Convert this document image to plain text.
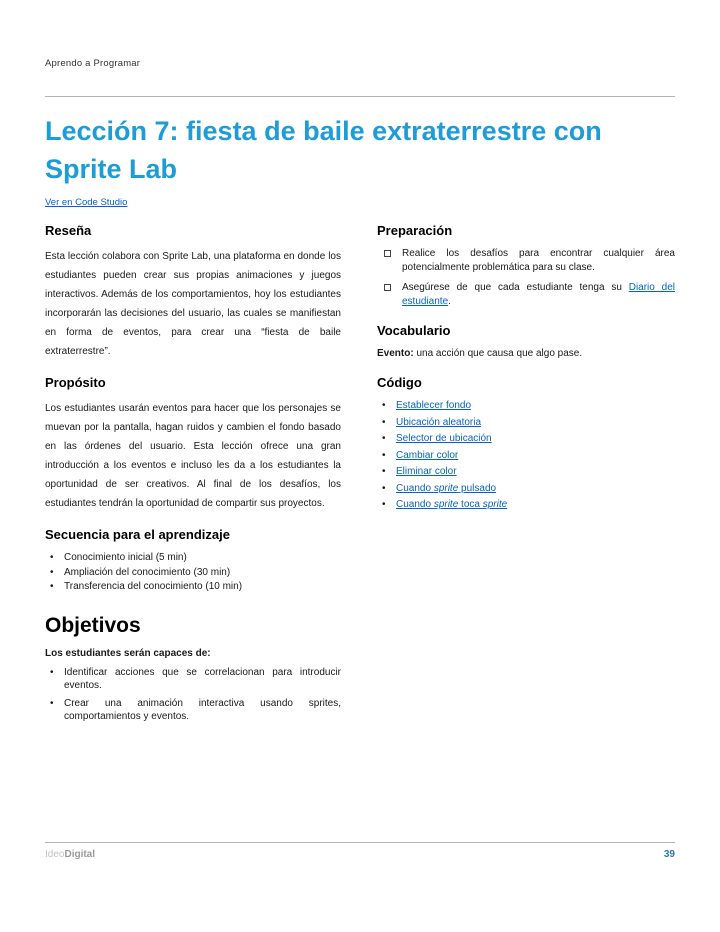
Aprendo a Programar
Lección 7: fiesta de baile extraterrestre con Sprite Lab
Ver en Code Studio
Reseña

Esta lección colabora con Sprite Lab, una plataforma en donde los estudiantes pueden crear sus propias animaciones y juegos interactivos. Además de los comportamientos, hoy los estudiantes incorporarán las decisiones del usuario, las cuales se manifiestan en forma de eventos, para crear una “fiesta de baile extraterrestre”.

Propósito

Los estudiantes usarán eventos para hacer que los personajes se muevan por la pantalla, hagan ruidos y cambien el fondo basado en las órdenes del usuario. Esta lección ofrece una gran introducción a los eventos e incluso les da a los estudiantes la oportunidad de ser creativos. Al final de los desafíos, los estudiantes tendrán la oportunidad de compartir sus proyectos.

Secuencia para el aprendizaje
• Conocimiento inicial (5 min)
• Ampliación del conocimiento (30 min)
• Transferencia del conocimiento (10 min)
Objetivos
Los estudiantes serán capaces de:
• Identificar acciones que se correlacionan para introducir eventos.
• Crear una animación interactiva usando sprites, comportamientos y eventos.
Preparación
Realice los desafíos para encontrar cualquier área potencialmente problemática para su clase.
Asegúrese de que cada estudiante tenga su Diario del estudiante.
Vocabulario

Evento: una acción que causa que algo pase.

Código
• Establecer fondo
• Ubicación aleatoria
• Selector de ubicación
• Cambiar color
• Eliminar color
• Cuando sprite pulsado
• Cuando sprite toca sprite
IdeoDigital	39
